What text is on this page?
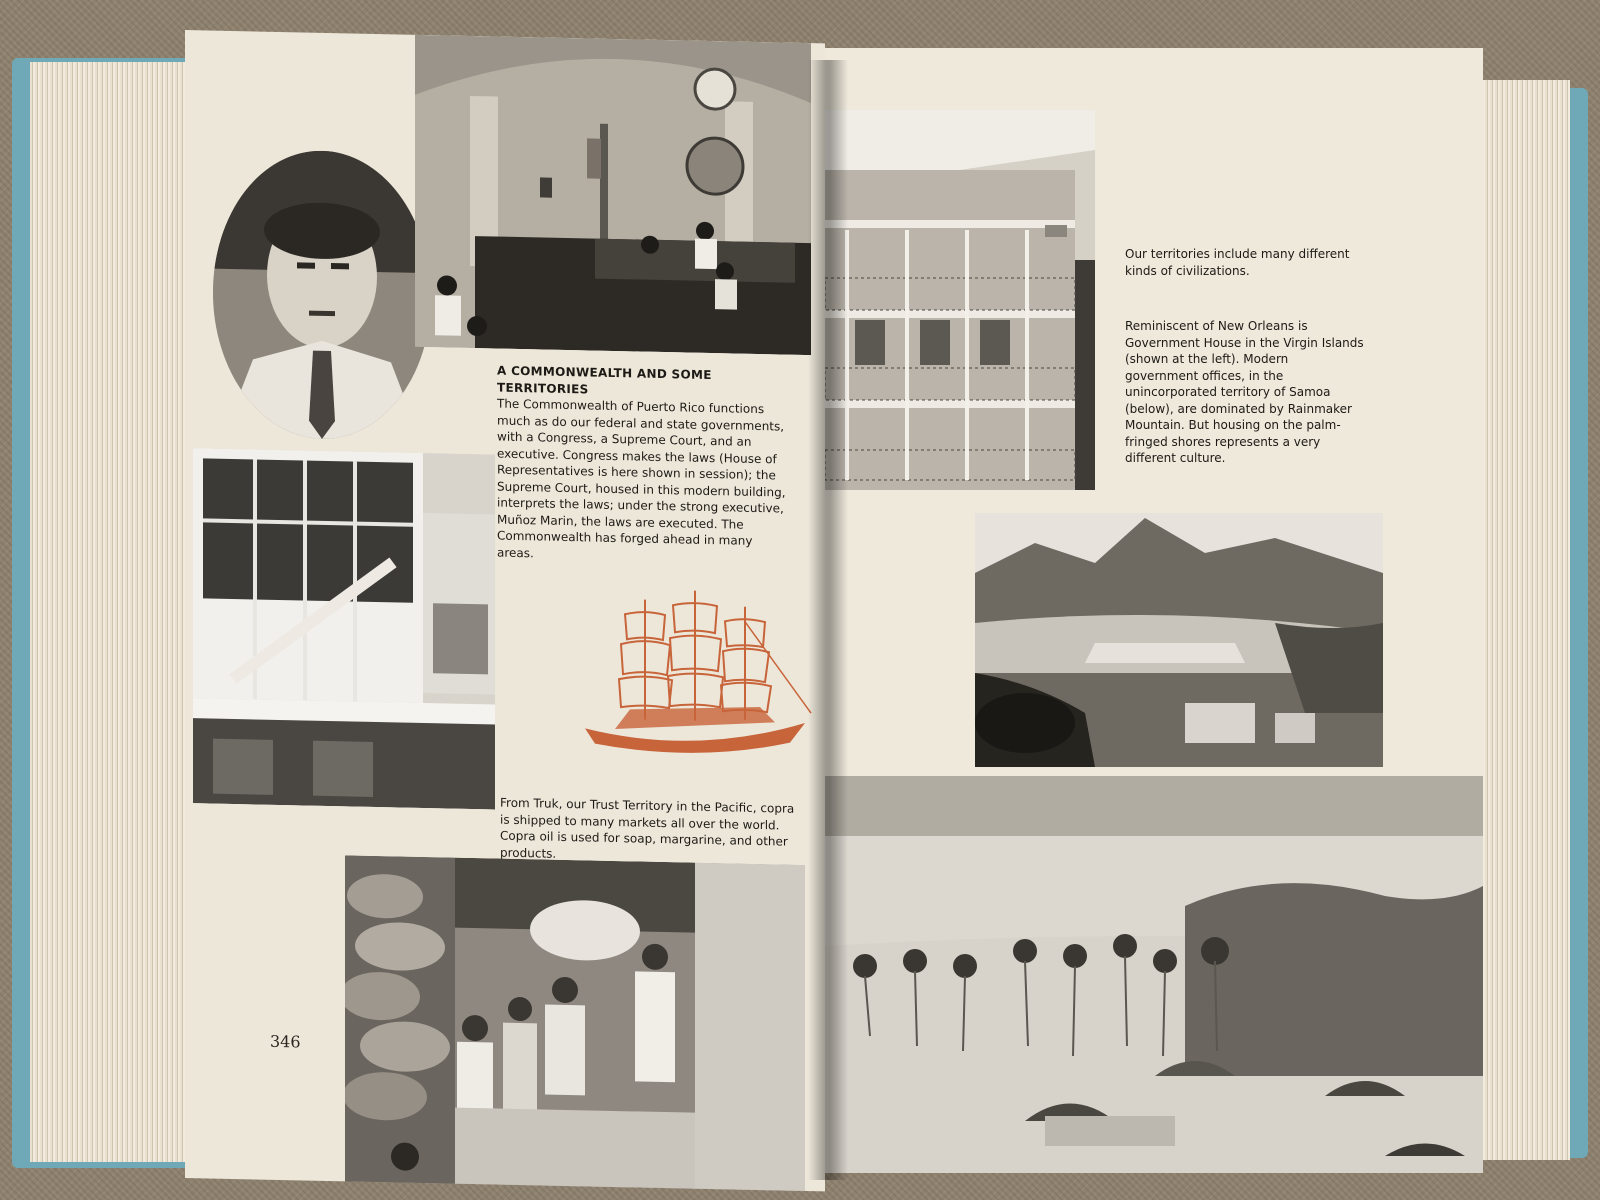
A COMMONWEALTH AND SOME TERRITORIES
The Commonwealth of Puerto Rico functions much as do our federal and state governments, with a Congress, a Supreme Court, and an executive. Congress makes the laws (House of Representatives is here shown in session); the Supreme Court, housed in this modern building, interprets the laws; under the strong executive, Muñoz Marin, the laws are executed. The Commonwealth has forged ahead in many areas.
From Truk, our Trust Territory in the Pacific, copra is shipped to many markets all over the world. Copra oil is used for soap, margarine, and other products.
346
Our territories include many different kinds of civilizations.
Reminiscent of New Orleans is Government House in the Virgin Islands (shown at the left). Modern government offices, in the unincorporated territory of Samoa (below), are dominated by Rainmaker Mountain. But housing on the palm-fringed shores represents a very different culture.
